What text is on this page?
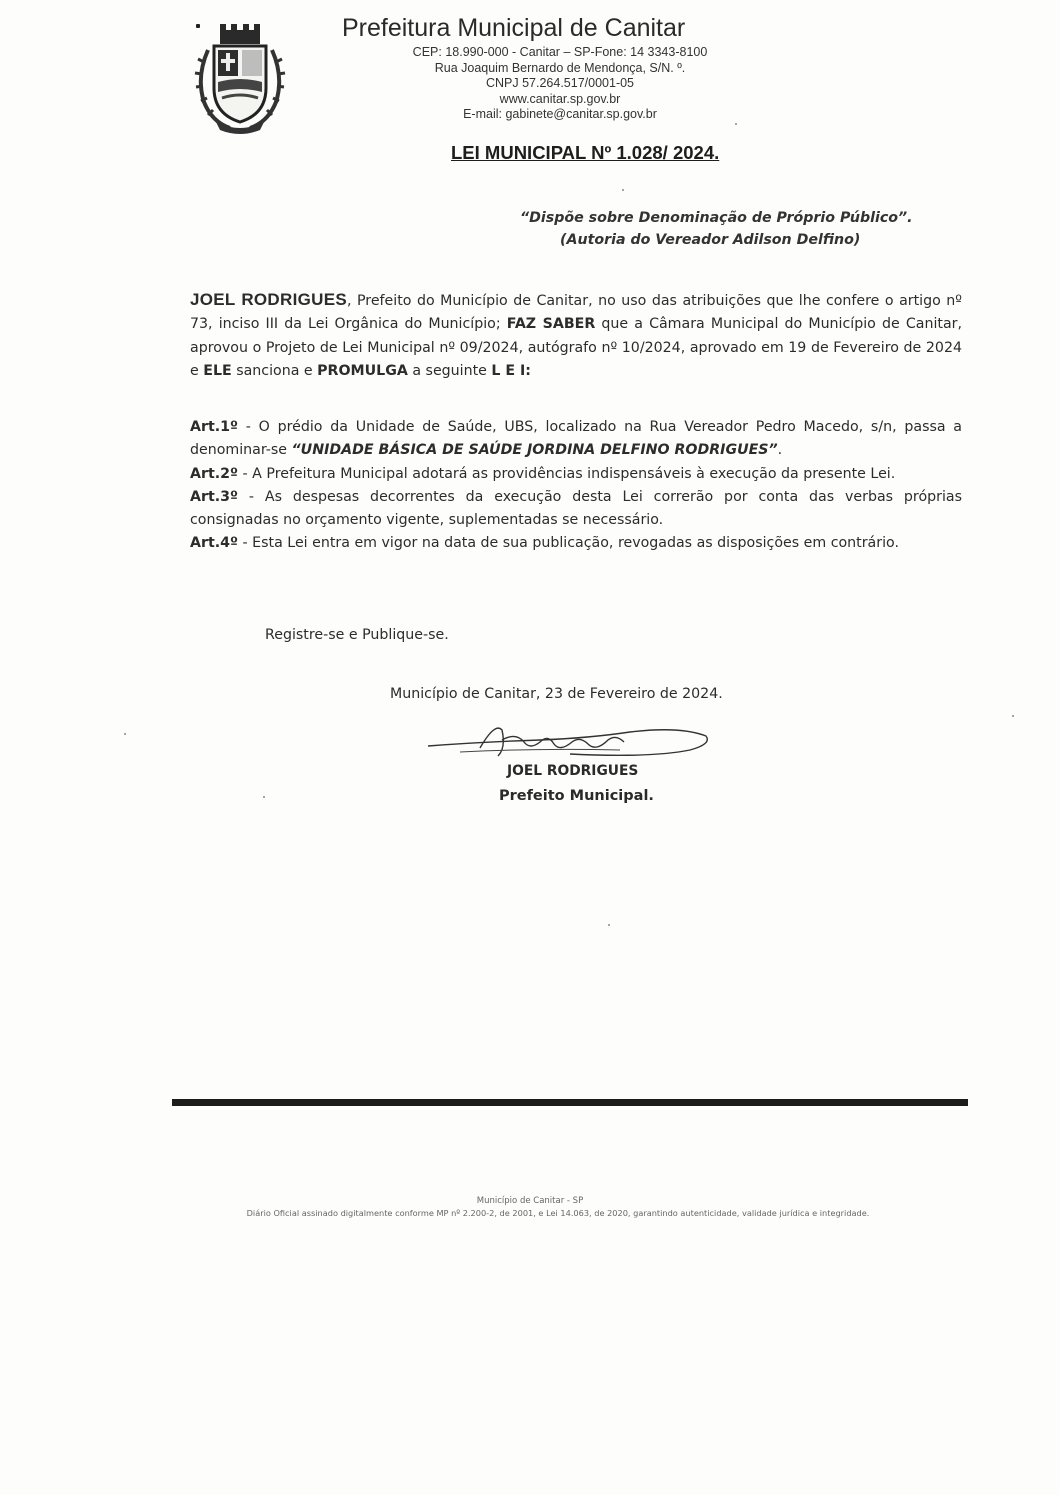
Prefeitura Municipal de Canitar
CEP: 18.990-000 - Canitar – SP-Fone: 14 3343-8100
Rua Joaquim Bernardo de Mendonça, S/N. º.
CNPJ 57.264.517/0001-05
www.canitar.sp.gov.br
E-mail: gabinete@canitar.sp.gov.br
LEI MUNICIPAL Nº 1.028/ 2024.
“Dispõe sobre Denominação de Próprio Público”.
(Autoria do Vereador Adilson Delfino)
JOEL RODRIGUES, Prefeito do Município de Canitar, no uso das atribuições que lhe confere o artigo nº 73, inciso III da Lei Orgânica do Município; FAZ SABER que a Câmara Municipal do Município de Canitar, aprovou o Projeto de Lei Municipal nº 09/2024, autógrafo nº 10/2024, aprovado em 19 de Fevereiro de 2024 e ELE sanciona e PROMULGA a seguinte L E I:

Art.1º - O prédio da Unidade de Saúde, UBS, localizado na Rua Vereador Pedro Macedo, s/n, passa a denominar-se “UNIDADE BÁSICA DE SAÚDE JORDINA DELFINO RODRIGUES”.

Art.2º - A Prefeitura Municipal adotará as providências indispensáveis à execução da presente Lei.

Art.3º - As despesas decorrentes da execução desta Lei correrão por conta das verbas próprias consignadas no orçamento vigente, suplementadas se necessário.

Art.4º - Esta Lei entra em vigor na data de sua publicação, revogadas as disposições em contrário.

Registre-se e Publique-se.
Município de Canitar, 23 de Fevereiro de 2024.
JOEL RODRIGUES
Prefeito Municipal.
Município de Canitar - SP
Diário Oficial assinado digitalmente conforme MP nº 2.200-2, de 2001, e Lei 14.063, de 2020, garantindo autenticidade, validade jurídica e integridade.
